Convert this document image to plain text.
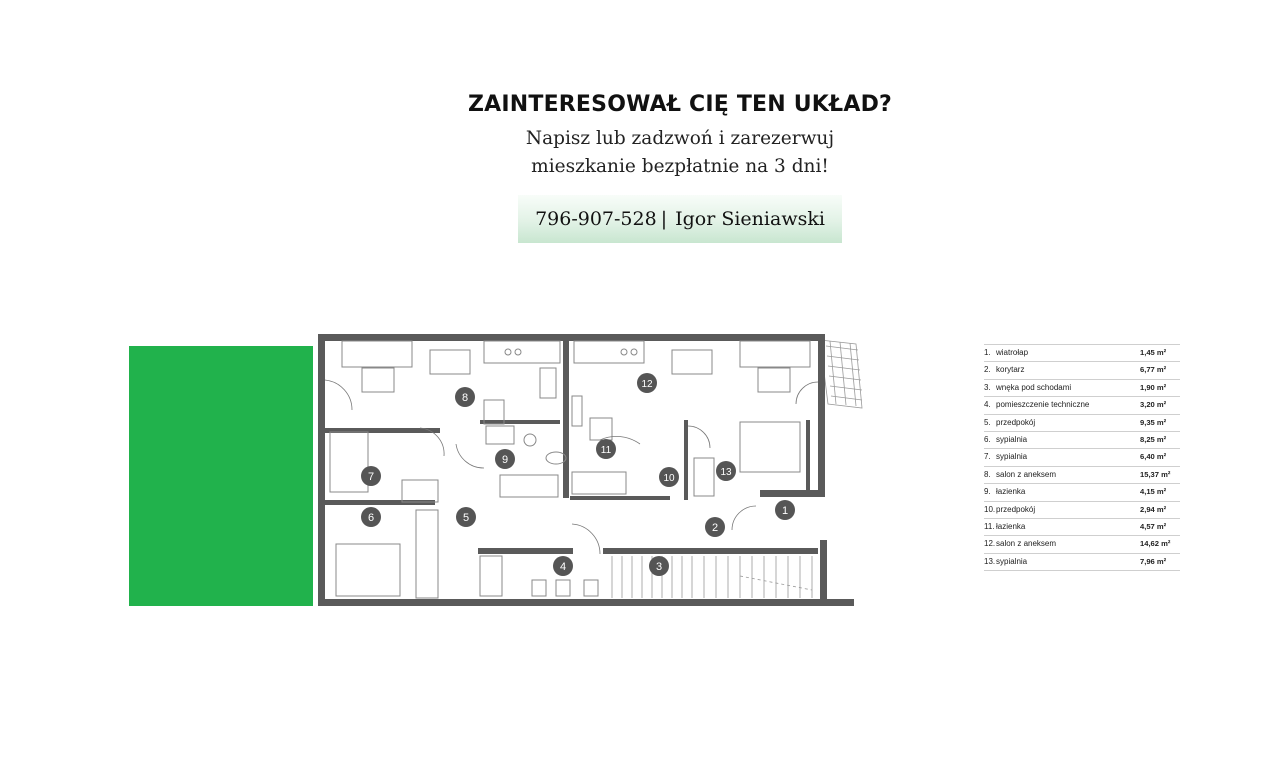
ZAINTERESOWAŁ CIĘ TEN UKŁAD?
Napisz lub zadzwoń i zarezerwuj
mieszkanie bezpłatnie na 3 dni!
796-907-528 | Igor Sieniawski
1
2
3
4
5
6
7
8
9
10
11
12
13
1. wiatrołap	1,45 m²
2. korytarz	6,77 m²
3. wnęka pod schodami	1,90 m²
4. pomieszczenie techniczne	3,20 m²
5. przedpokój	9,35 m²
6. sypialnia	8,25 m²
7. sypialnia	6,40 m²
8. salon z aneksem	15,37 m²
9. łazienka	4,15 m²
10. przedpokój	2,94 m²
11. łazienka	4,57 m²
12. salon z aneksem	14,62 m²
13. sypialnia	7,96 m²
